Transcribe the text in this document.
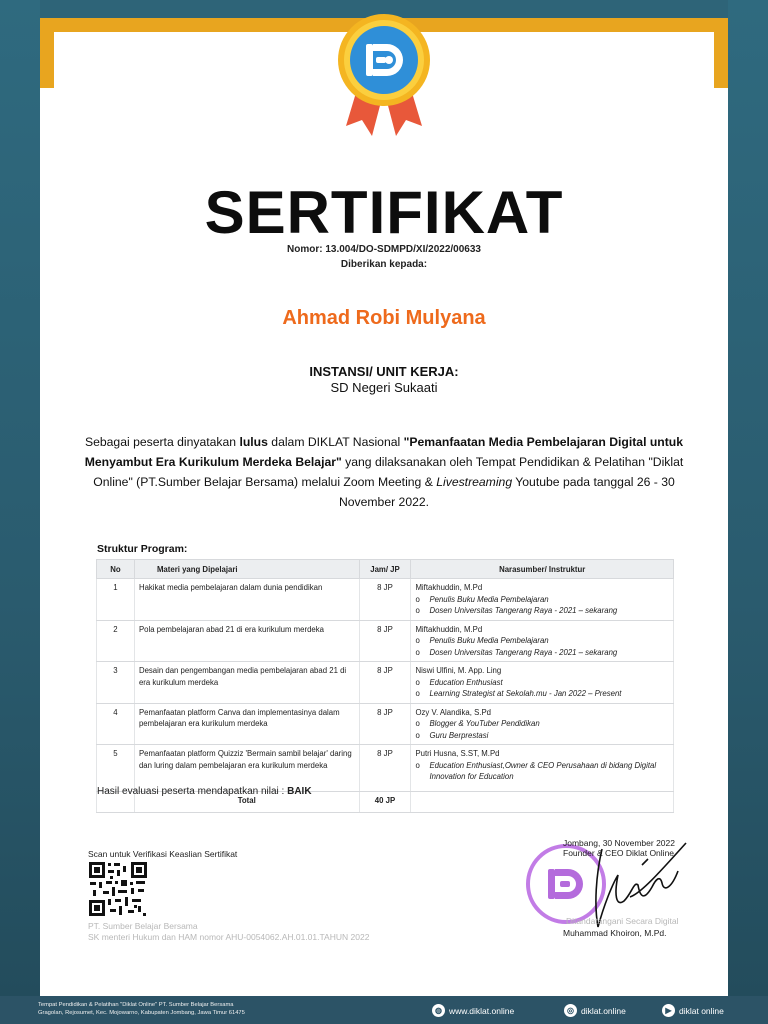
SERTIFIKAT
Nomor: 13.004/DO-SDMPD/XI/2022/00633
Diberikan kepada:
Ahmad Robi Mulyana
INSTANSI/ UNIT KERJA:
SD Negeri Sukaati
Sebagai peserta dinyatakan lulus dalam DIKLAT Nasional "Pemanfaatan Media Pembelajaran Digital untuk Menyambut Era Kurikulum Merdeka Belajar" yang dilaksanakan oleh Tempat Pendidikan & Pelatihan "Diklat Online" (PT.Sumber Belajar Bersama) melalui Zoom Meeting & Livestreaming Youtube pada tanggal 26 - 30 November 2022.
Struktur Program:
No	Materi yang Dipelajari	Jam/ JP	Narasumber/ Instruktur
1	Hakikat media pembelajaran dalam dunia pendidikan	8 JP	Miftakhuddin, M.Pd
o Penulis Buku Media Pembelajaran
o Dosen Universitas Tangerang Raya - 2021 – sekarang

2	Pola pembelajaran abad 21 di era kurikulum merdeka	8 JP	Miftakhuddin, M.Pd
o Penulis Buku Media Pembelajaran
o Dosen Universitas Tangerang Raya - 2021 – sekarang

3	Desain dan pengembangan media pembelajaran abad 21 di era kurikulum merdeka	8 JP	Niswi Ulfini, M. App. Ling
o Education Enthusiast
o Learning Strategist at Sekolah.mu - Jan 2022 – Present

4	Pemanfaatan platform Canva dan implementasinya dalam pembelajaran era kurikulum merdeka	8 JP	Ozy V. Alandika, S.Pd
o Blogger & YouTuber Pendidikan
o Guru Berprestasi

5	Pemanfaatan platform Quizziz 'Bermain sambil belajar' daring dan luring dalam pembelajaran era kurikulum merdeka	8 JP	Putri Husna, S.ST, M.Pd
o Education Enthusiast,Owner & CEO Perusahaan di bidang Digital Innovation for Education

	Total	40 JP	
Hasil evaluasi peserta mendapatkan nilai : BAIK
Scan untuk Verifikasi Keaslian Sertifikat
PT. Sumber Belajar Bersama
SK menteri Hukum dan HAM nomor AHU-0054062.AH.01.01.TAHUN 2022
Jombang, 30 November 2022
Founder & CEO Diklat Online
Ditandatangani Secara Digital
Muhammad Khoiron, M.Pd.
Tempat Pendidikan & Pelatihan "Diklat Online" PT. Sumber Belajar Bersama
Gragolan, Rejosumet, Kec. Mojowarno, Kabupaten Jombang, Jawa Timur 61475	◍ www.diklat.online	◎ diklat.online	▶ diklat online
